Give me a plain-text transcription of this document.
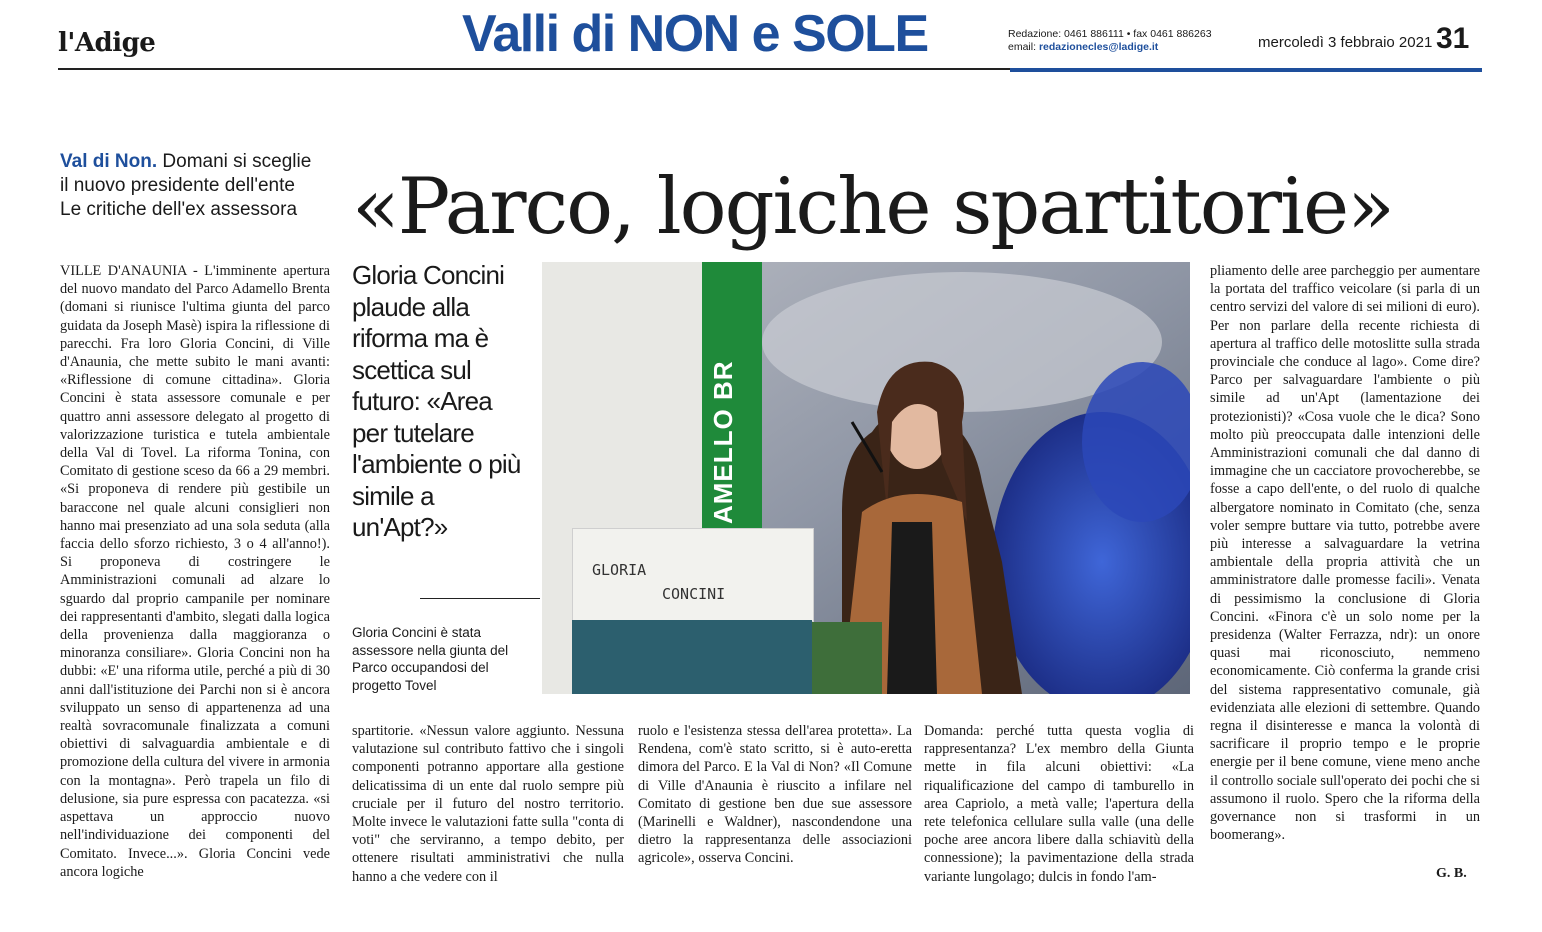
l'Adige	Valli di NON e SOLE	Redazione: 0461 886111 • fax 0461 886263
email: redazionecles@ladige.it	mercoledì 3 febbraio 2021 31
Val di Non. Domani si sceglie
il nuovo presidente dell'ente
Le critiche dell'ex assessora «Parco, logiche spartitorie»

VILLE D'ANAUNIA - L'imminente apertura del nuovo mandato del Parco Adamello Brenta (domani si riunisce l'ultima giunta del parco guidata da Joseph Masè) ispira la riflessione di parecchi. Fra loro Gloria Concini, di Ville d'Anaunia, che mette subito le mani avanti: «Riflessione di comune cittadina». Gloria Concini è stata assessore comunale e per quattro anni assessore delegato al progetto di valorizzazione turistica e tutela ambientale della Val di Tovel. La riforma Tonina, con Comitato di gestione sceso da 66 a 29 membri. «Si proponeva di rendere più gestibile un baraccone nel quale alcuni consiglieri non hanno mai presenziato ad una sola seduta (alla faccia dello sforzo richiesto, 3 o 4 all'anno!). Si proponeva di costringere le Amministrazioni comunali ad alzare lo sguardo dal proprio campanile per nominare dei rappresentanti d'ambito, slegati dalla logica della provenienza dalla maggioranza o minoranza consiliare». Gloria Concini non ha dubbi: «E' una riforma utile, perché a più di 30 anni dall'istituzione dei Parchi non si è ancora sviluppato un senso di appartenenza ad una realtà sovracomunale finalizzata a comuni obiettivi di salvaguardia ambientale e di promozione della cultura del vivere in armonia con la montagna». Però trapela un filo di delusione, sia pure espressa con pacatezza. «si aspettava un approccio nuovo nell'individuazione dei componenti del Comitato. Invece...». Gloria Concini vede ancora logiche

Gloria Concini plaude alla riforma ma è scettica sul futuro: «Area per tutelare l'ambiente o più simile a un'Apt?»
Gloria Concini è stata assessore nella giunta del Parco occupandosi del progetto Tovel
AMELLO BR
GLORIA
CONCINI

spartitorie. «Nessun valore aggiunto. Nessuna valutazione sul contributo fattivo che i singoli componenti potranno apportare alla gestione delicatissima di un ente dal ruolo sempre più cruciale per il futuro del nostro territorio. Molte invece le valutazioni fatte sulla "conta di voti" che serviranno, a tempo debito, per ottenere risultati amministrativi che nulla hanno a che vedere con il

ruolo e l'esistenza stessa dell'area protetta». La Rendena, com'è stato scritto, si è auto-eretta dimora del Parco. E la Val di Non? «Il Comune di Ville d'Anaunia è riuscito a infilare nel Comitato di gestione ben due sue assessore (Marinelli e Waldner), nascondendone una dietro la rappresentanza delle associazioni agricole», osserva Concini.

Domanda: perché tutta questa voglia di rappresentanza? L'ex membro della Giunta mette in fila alcuni obiettivi: «La riqualificazione del campo di tamburello in area Capriolo, a metà valle; l'apertura della rete telefonica cellulare sulla valle (una delle poche aree ancora libere dalla schiavitù della connessione); la pavimentazione della strada variante lungolago; dulcis in fondo l'am-

pliamento delle aree parcheggio per aumentare la portata del traffico veicolare (si parla di un centro servizi del valore di sei milioni di euro). Per non parlare della recente richiesta di apertura al traffico delle motoslitte sulla strada provinciale che conduce al lago». Come dire? Parco per salvaguardare l'ambiente o più simile ad un'Apt (lamentazione dei protezionisti)? «Cosa vuole che le dica? Sono molto più preoccupata dalle intenzioni delle Amministrazioni comunali che dal danno di immagine che un cacciatore provocherebbe, se fosse a capo dell'ente, o del ruolo di qualche albergatore nominato in Comitato (che, senza voler sempre buttare via tutto, potrebbe avere più interesse a salvaguardare la vetrina ambientale della propria attività che un amministratore dalle promesse facili». Venata di pessimismo la conclusione di Gloria Concini. «Finora c'è un solo nome per la presidenza (Walter Ferrazza, ndr): un onore quasi mai riconosciuto, nemmeno economicamente. Ciò conferma la grande crisi del sistema rappresentativo comunale, già evidenziata alle elezioni di settembre. Quando regna il disinteresse e manca la volontà di sacrificare il proprio tempo e le proprie energie per il bene comune, viene meno anche il controllo sociale sull'operato dei pochi che si assumono il ruolo. Spero che la riforma della governance non si trasformi in un boomerang».

G. B.
